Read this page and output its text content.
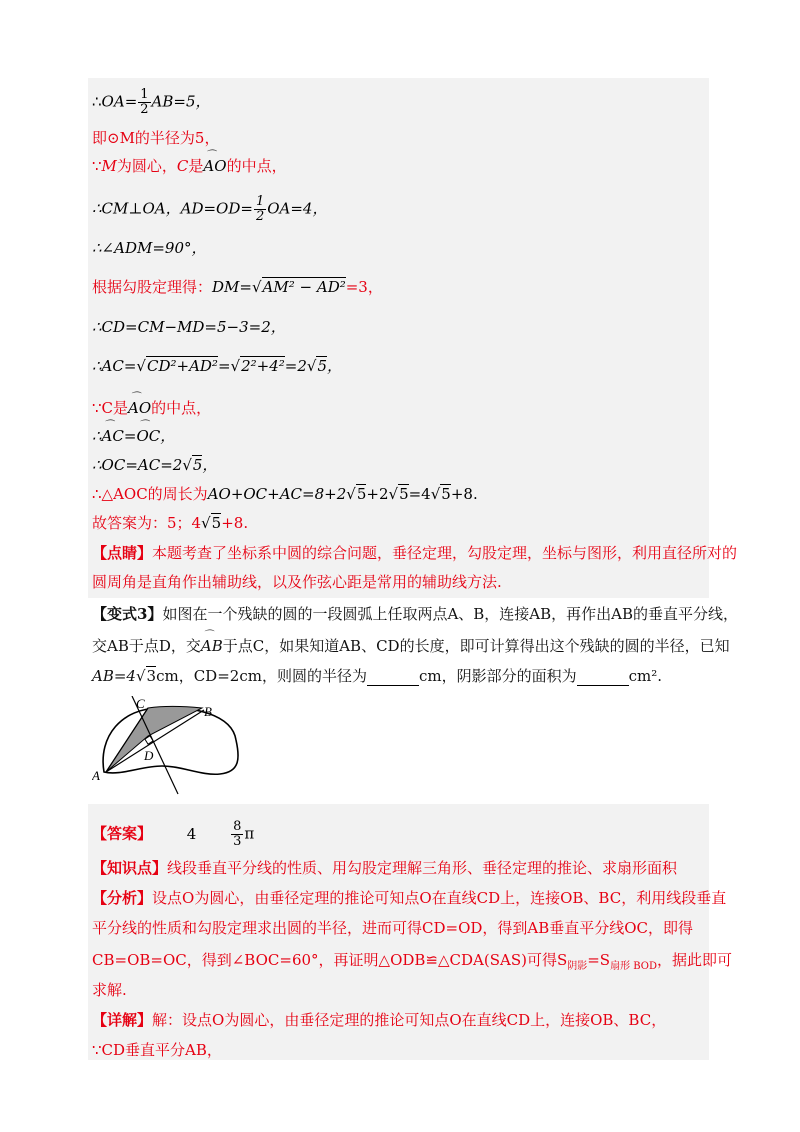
∴OA= $\frac{1}{2} AB=5$，
即⊙M的半径为5，
∵M为圆心，C是⌒ AO的中点，
∴CM⊥OA，$AD=OD= \frac{1}{2} OA=4$，
∴∠ADM=90°，
根据勾股定理得：DM=√AM² − AD²=3，
∴CD=CM−MD=5−3=2，
∴AC=√CD²+AD²=√2²+4²=2√5，
∵C是⌒ AO的中点，
∴⌒ AC=⌒ OC，
∴OC=AC=2√5，
∴△AOC的周长为AO+OC+AC=8+2√5+2√5=4√5+8.
故答案为：5；4√5+8.
【点睛】本题考查了坐标系中圆的综合问题，垂径定理，勾股定理，坐标与图形，利用直径所对的
圆周角是直角作出辅助线，以及作弦心距是常用的辅助线方法.
【变式3】如图在一个残缺的圆的一段圆弧上任取两点A、B，连接AB，再作出AB的垂直平分线，
交AB于点D，交⌒ AB于点C，如果知道AB、CD的长度，即可计算得出这个残缺的圆的半径，已知
AB=4√3cm，CD=2cm，则圆的半径为	cm，阴影部分的面积为	cm².
A
B
C
D
【答案】 4	$\frac{8}{3}$ π
【知识点】线段垂直平分线的性质、用勾股定理解三角形、垂径定理的推论、求扇形面积
【分析】设点O为圆心，由垂径定理的推论可知点O在直线CD上，连接OB、BC，利用线段垂直
平分线的性质和勾股定理求出圆的半径，进而可得CD=OD，得到AB垂直平分线OC，即得
CB=OB=OC，得到∠BOC=60°，再证明△ODB≌△CDA(SAS)可得$S_{阴影}=S_{扇形 BOD}$，据此即可
求解.
【详解】解：设点O为圆心，由垂径定理的推论可知点O在直线CD上，连接OB、BC，
∵CD垂直平分AB，
